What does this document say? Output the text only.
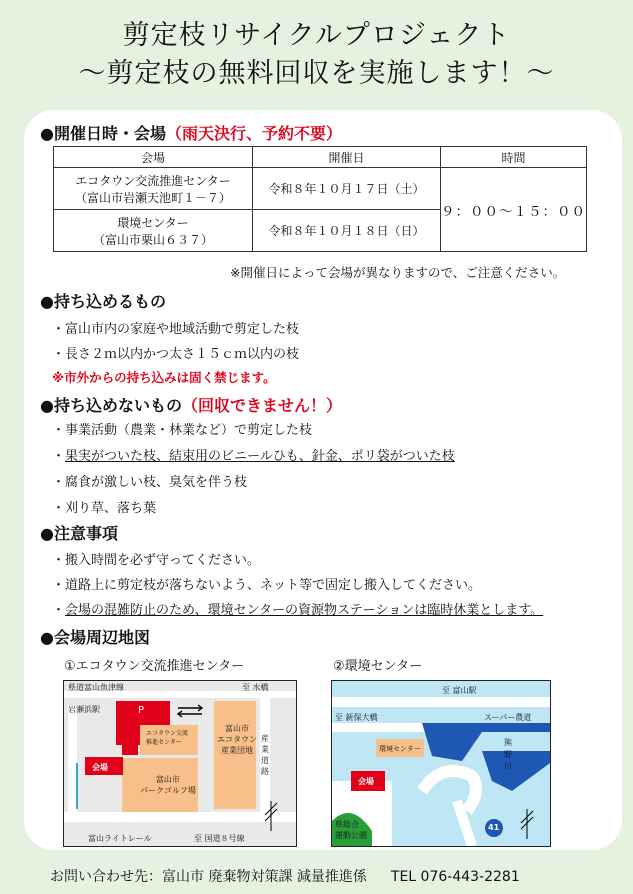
剪定枝リサイクルプロジェクト
～剪定枝の無料回収を実施します！～
●開催日時・会場（雨天決行、予約不要）
会場	開催日	時間

エコタウン交流推進センター
（富山市岩瀬天池町１－７）	令和８年１０月１７日（土）	９：００～１５：００

環境センター
（富山市栗山６３７）	令和８年１０月１８日（日）	
※開催日によって会場が異なりますので、ご注意ください。
●持ち込めるもの
・富山市内の家庭や地域活動で剪定した枝
・長さ２ｍ以内かつ太さ１５ｃｍ以内の枝
※市外からの持ち込みは固く禁じます。
●持ち込めないもの（回収できません！）
・事業活動（農業・林業など）で剪定した枝
・果実がついた枝、結束用のビニールひも、針金、ポリ袋がついた枝
・腐食が激しい枝、臭気を伴う枝
・刈り草、落ち葉
●注意事項
・搬入時間を必ず守ってください。
・道路上に剪定枝が落ちないよう、ネット等で固定し搬入してください。
・会場の混雑防止のため、環境センターの資源物ステーションは臨時休業とします。
●会場周辺地図
①エコタウン交流推進センター	②環境センター
県道富山魚津線	至 水橋
岩瀬浜駅	P
エコタウン交流
推進センター
会場
富山市
パークゴルフ場
富山市
エコタウン
産業団地
産業道路
富山ライトレール	至 国道８号線
至 富山駅
至 新保大橋	スーパー農道
環境センター
会場
熊野川
県総合
運動公園
41
お問い合わせ先：富山市 廃棄物対策課 減量推進係 TEL 076-443-2281
